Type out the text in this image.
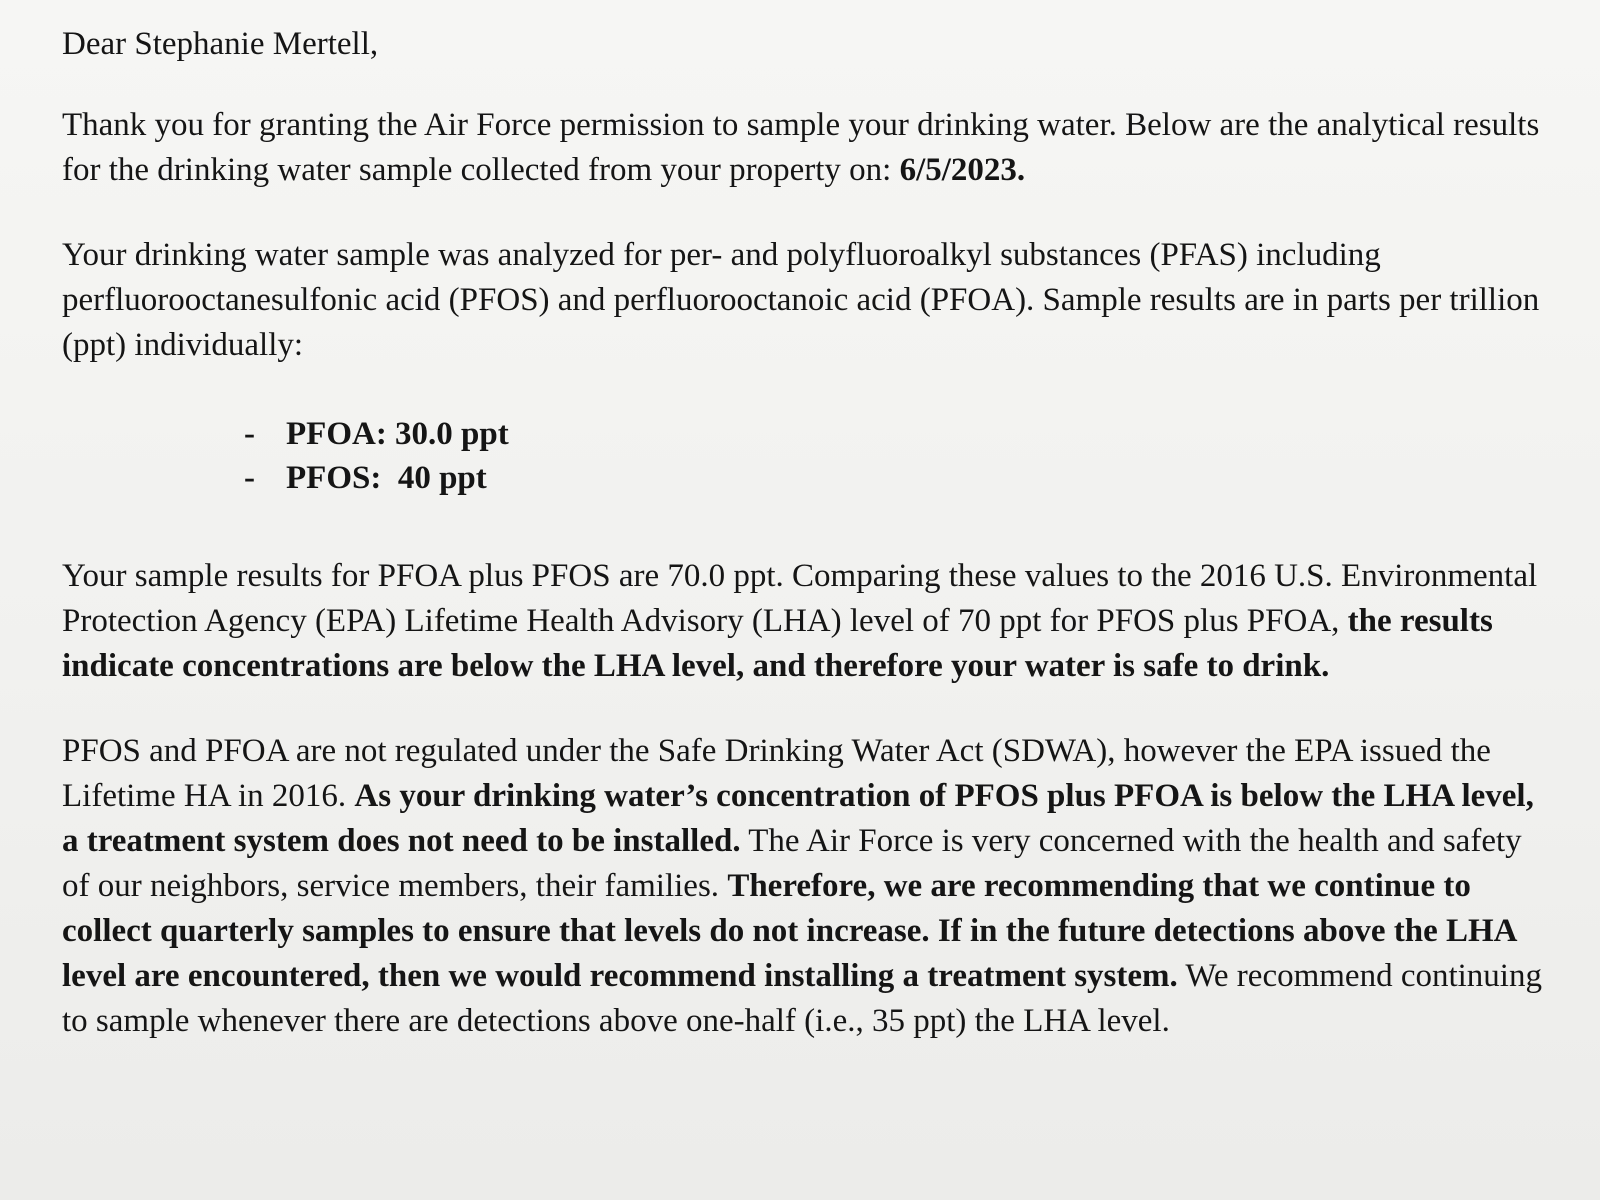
Dear Stephanie Mertell,

Thank you for granting the Air Force permission to sample your drinking water. Below are the analytical results for the drinking water sample collected from your property on: 6/5/2023.

Your drinking water sample was analyzed for per- and polyfluoroalkyl substances (PFAS) including perfluorooctanesulfonic acid (PFOS) and perfluorooctanoic acid (PFOA). Sample results are in parts per trillion (ppt) individually:

- PFOA: 30.0 ppt
- PFOS:  40 ppt

Your sample results for PFOA plus PFOS are 70.0 ppt. Comparing these values to the 2016 U.S. Environmental Protection Agency (EPA) Lifetime Health Advisory (LHA) level of 70 ppt for PFOS plus PFOA, the results indicate concentrations are below the LHA level, and therefore your water is safe to drink.

PFOS and PFOA are not regulated under the Safe Drinking Water Act (SDWA), however the EPA issued the Lifetime HA in 2016. As your drinking water’s concentration of PFOS plus PFOA is below the LHA level, a treatment system does not need to be installed. The Air Force is very concerned with the health and safety of our neighbors, service members, their families. Therefore, we are recommending that we continue to collect quarterly samples to ensure that levels do not increase. If in the future detections above the LHA level are encountered, then we would recommend installing a treatment system. We recommend continuing to sample whenever there are detections above one-half (i.e., 35 ppt) the LHA level.
